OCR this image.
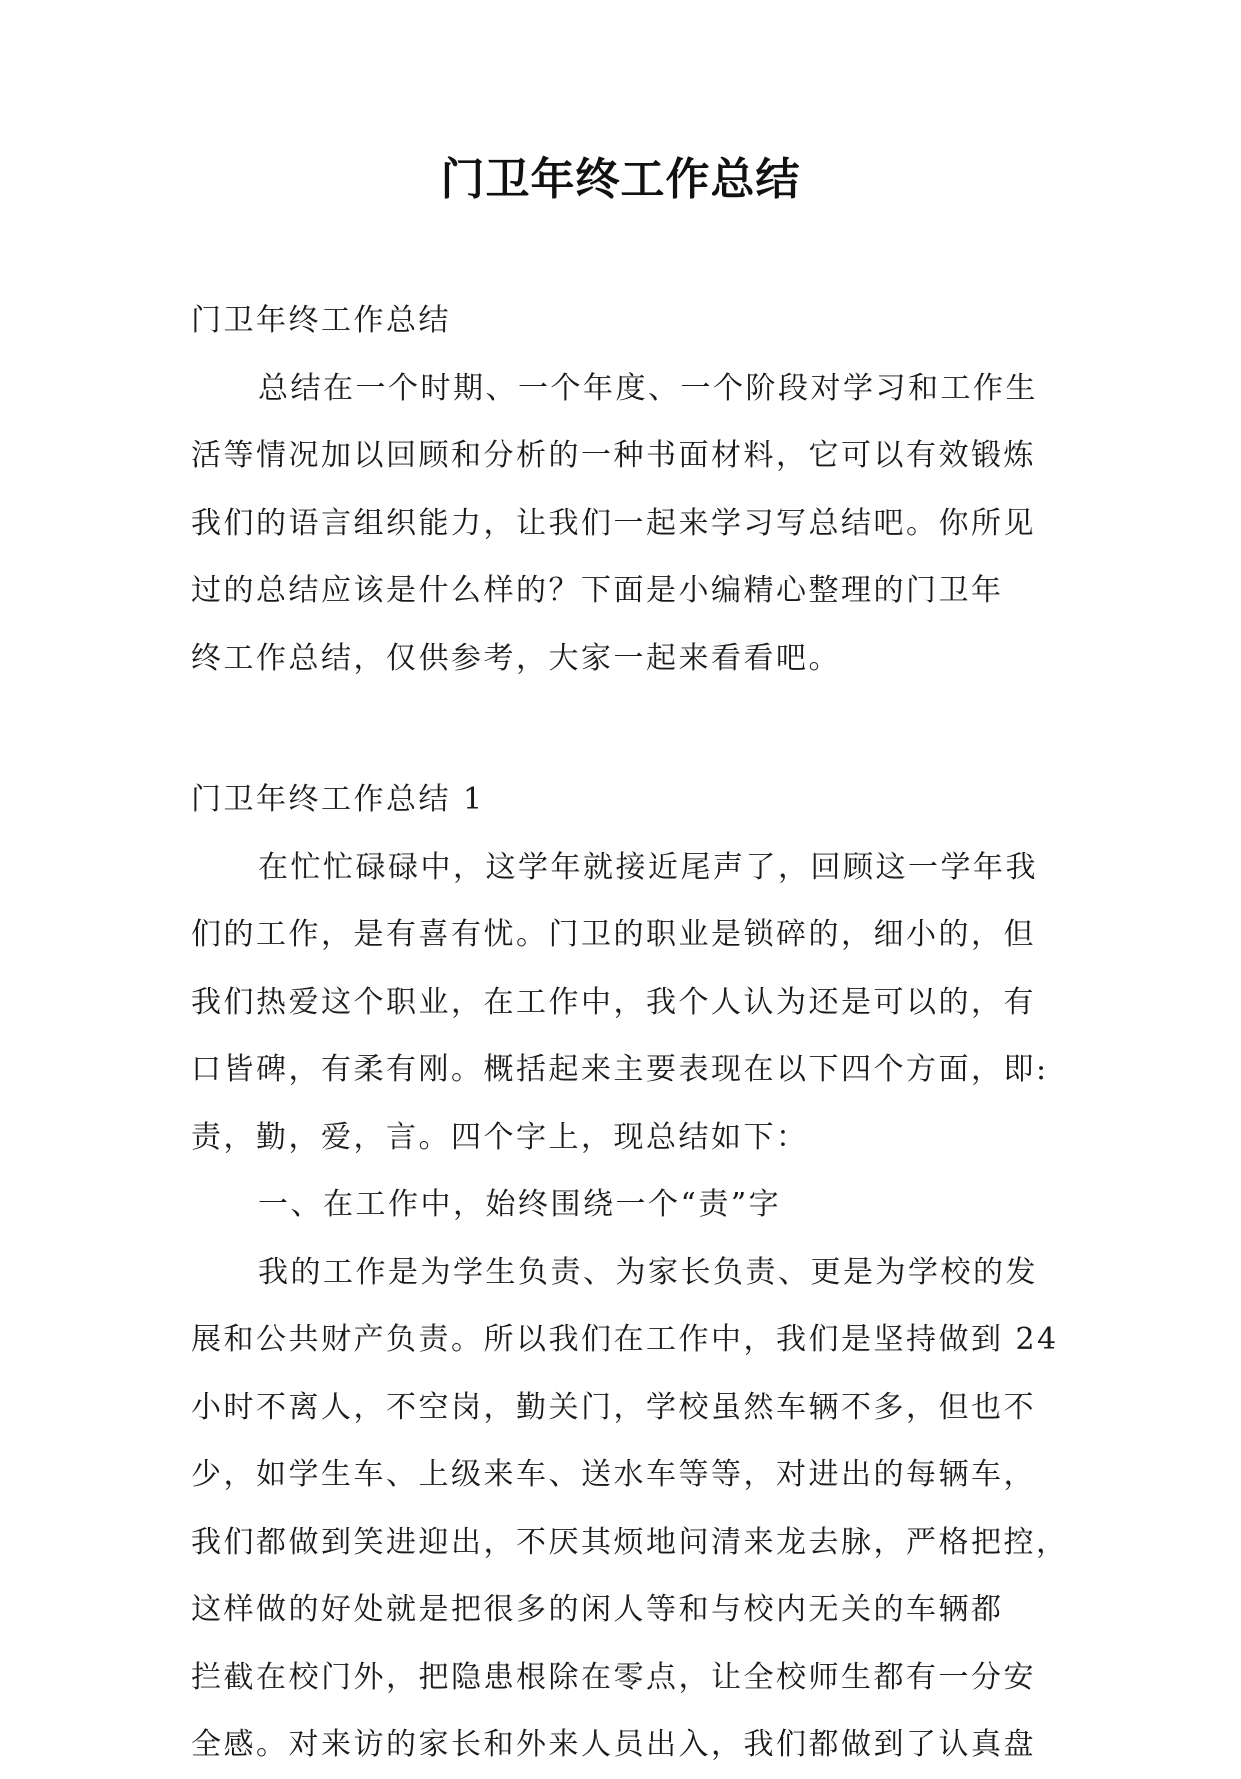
门卫年终工作总结
门卫年终工作总结
总结在一个时期、一个年度、一个阶段对学习和工作生
活等情况加以回顾和分析的一种书面材料，它可以有效锻炼
我们的语言组织能力，让我们一起来学习写总结吧。你所见
过的总结应该是什么样的？下面是小编精心整理的门卫年
终工作总结，仅供参考，大家一起来看看吧。
门卫年终工作总结 1
在忙忙碌碌中，这学年就接近尾声了，回顾这一学年我
们的工作，是有喜有忧。门卫的职业是锁碎的，细小的，但
我们热爱这个职业，在工作中，我个人认为还是可以的，有
口皆碑，有柔有刚。概括起来主要表现在以下四个方面，即:
责，勤，爱，言。四个字上，现总结如下：
一、在工作中，始终围绕一个“责”字
我的工作是为学生负责、为家长负责、更是为学校的发
展和公共财产负责。所以我们在工作中，我们是坚持做到 24
小时不离人，不空岗，勤关门，学校虽然车辆不多，但也不
少，如学生车、上级来车、送水车等等，对进出的每辆车，
我们都做到笑进迎出，不厌其烦地问清来龙去脉，严格把控，
这样做的好处就是把很多的闲人等和与校内无关的车辆都
拦截在校门外，把隐患根除在零点，让全校师生都有一分安
全感。对来访的家长和外来人员出入，我们都做到了认真盘
